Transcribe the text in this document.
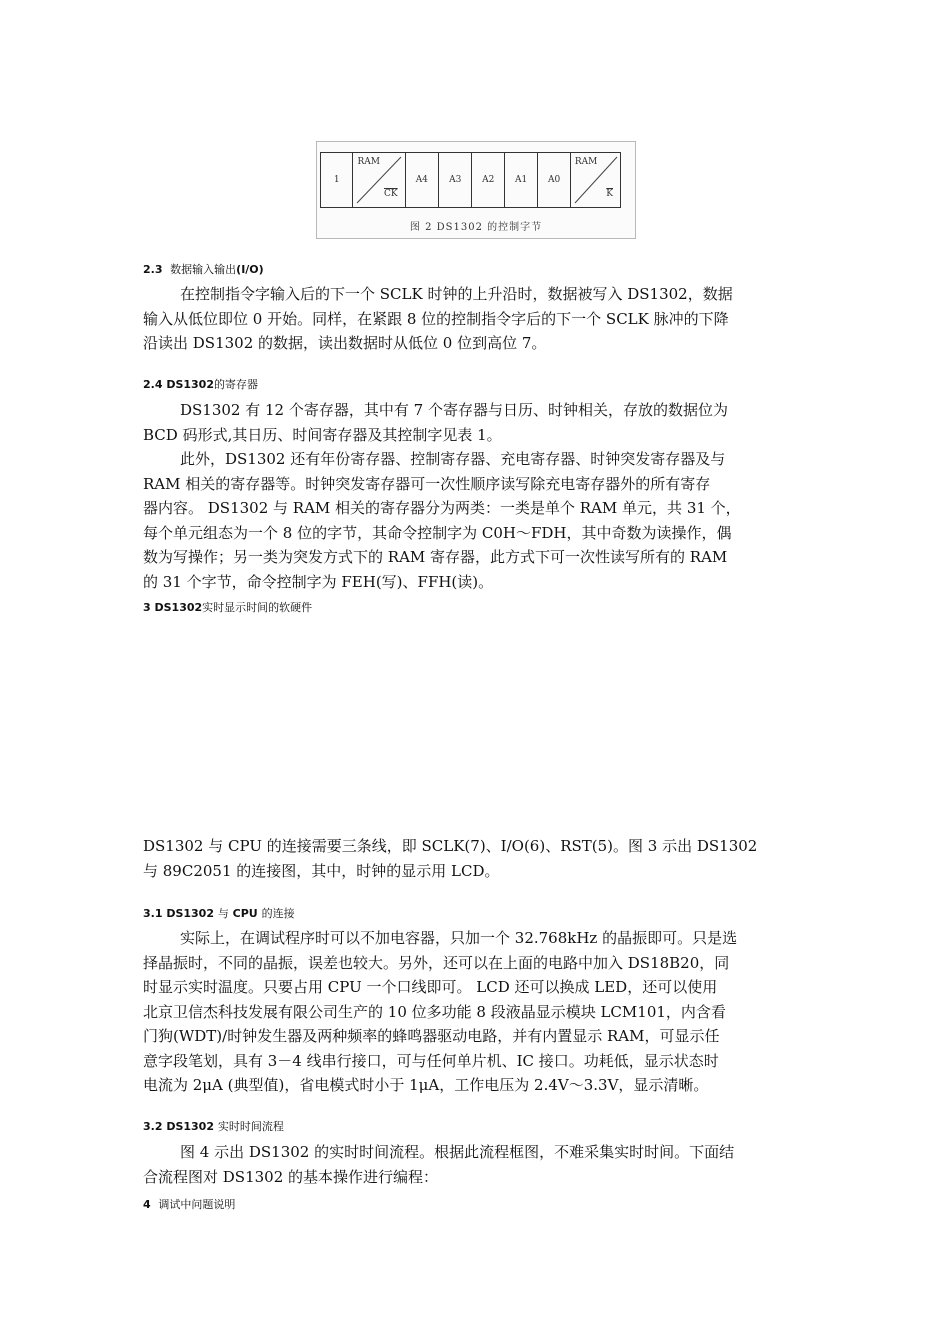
1
RAM
$\overline{CK}$
A4 A3 A2 A1 A0
RAM
$\overline{K}$
图 2 DS1302 的控制字节
2.3 数据输入输出(I/O)
在控制指令字输入后的下一个 SCLK 时钟的上升沿时，数据被写入 DS1302，数据
输入从低位即位 0 开始。同样，在紧跟 8 位的控制指令字后的下一个 SCLK 脉冲的下降
沿读出 DS1302 的数据，读出数据时从低位 0 位到高位 7。
2.4 DS1302的寄存器
DS1302 有 12 个寄存器，其中有 7 个寄存器与日历、时钟相关，存放的数据位为
BCD 码形式,其日历、时间寄存器及其控制字见表 1。
此外，DS1302 还有年份寄存器、控制寄存器、充电寄存器、时钟突发寄存器及与
RAM 相关的寄存器等。时钟突发寄存器可一次性顺序读写除充电寄存器外的所有寄存
器内容。 DS1302 与 RAM 相关的寄存器分为两类：一类是单个 RAM 单元，共 31 个，
每个单元组态为一个 8 位的字节，其命令控制字为 C0H～FDH，其中奇数为读操作，偶
数为写操作；另一类为突发方式下的 RAM 寄存器，此方式下可一次性读写所有的 RAM
的 31 个字节，命令控制字为 FEH(写)、FFH(读)。
3 DS1302实时显示时间的软硬件
DS1302 与 CPU 的连接需要三条线，即 SCLK(7)、I/O(6)、RST(5)。图 3 示出 DS1302
与 89C2051 的连接图，其中，时钟的显示用 LCD。
3.1 DS1302 与 CPU 的连接
实际上，在调试程序时可以不加电容器，只加一个 32.768kHz 的晶振即可。只是选
择晶振时，不同的晶振，误差也较大。另外，还可以在上面的电路中加入 DS18B20，同
时显示实时温度。只要占用 CPU 一个口线即可。 LCD 还可以换成 LED，还可以使用
北京卫信杰科技发展有限公司生产的 10 位多功能 8 段液晶显示模块 LCM101，内含看
门狗(WDT)/时钟发生器及两种频率的蜂鸣器驱动电路，并有内置显示 RAM，可显示任
意字段笔划，具有 3－4 线串行接口，可与任何单片机、IC 接口。功耗低，显示状态时
电流为 2μA (典型值)，省电模式时小于 1μA，工作电压为 2.4V～3.3V，显示清晰。
3.2 DS1302 实时时间流程
图 4 示出 DS1302 的实时时间流程。根据此流程框图，不难采集实时时间。下面结
合流程图对 DS1302 的基本操作进行编程：
4 调试中问题说明
